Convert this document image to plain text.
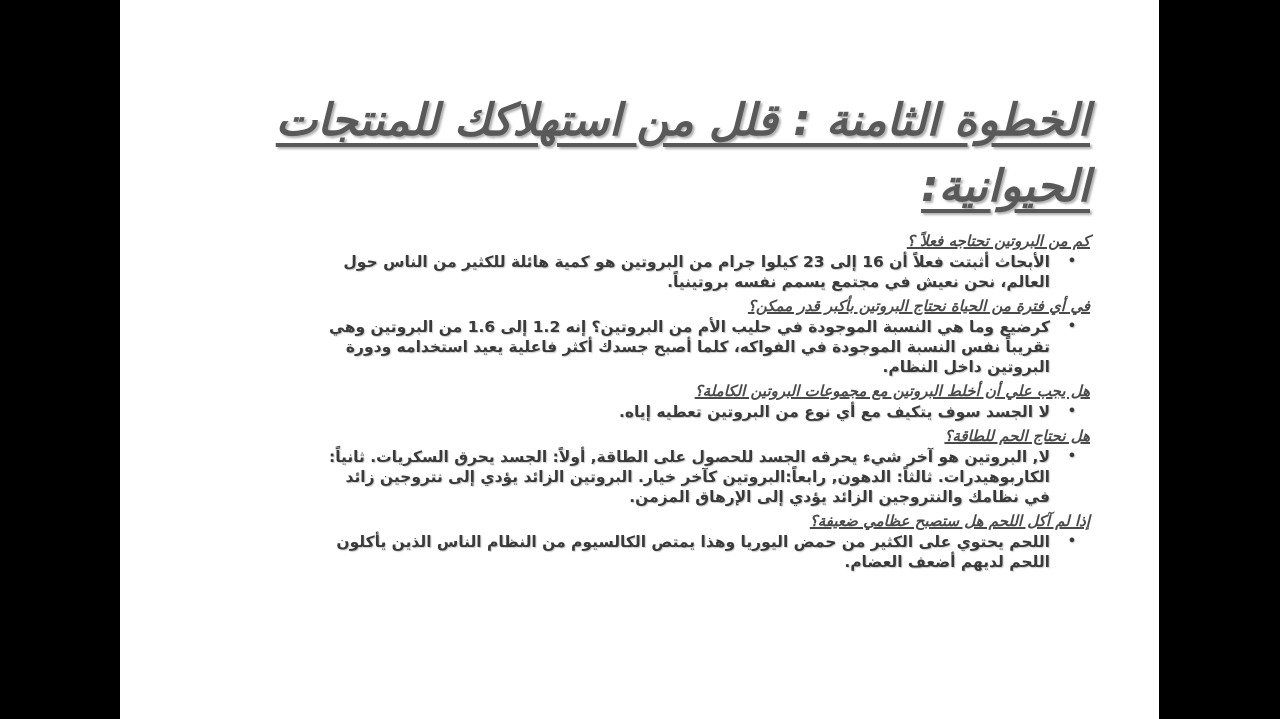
الخطوة الثامنة : قلل من استهلاكك للمنتجات
الحيوانية:
كم من البروتين تحتاجه فعلاً ؟
•
الأبحاث أثبتت فعلاً أن 16 إلى 23 كيلوا جرام من البروتين هو كمية هائلة للكثير من الناس حول العالم، نحن نعيش في مجتمع يسمم نفسه بروتينياً.
في أي فترة من الحياة نحتاج البروتين بأكبر قدر ممكن؟
•
كرضيع وما هي النسبة الموجودة في حليب الأم من البروتين؟ إنه 1.2 إلى 1.6 من البروتين وهي تقريباً نفس النسبة الموجودة في الفواكه، كلما أصبح جسدك أكثر فاعلية يعيد استخدامه ودورة البروتين داخل النظام.
هل يجب علي أن أخلط البروتين مع مجموعات البروتين الكاملة؟
•
لا الجسد سوف يتكيف مع أي نوع من البروتين تعطيه إياه.
هل نحتاج الحم للطاقة؟
•
لا, البروتين هو آخر شيء يحرقه الجسد للحصول على الطاقة, أولاً: الجسد يحرق السكريات. ثانياً: الكاربوهيدرات. ثالثاً: الدهون, رابعاً:البروتين كآخر خيار. البروتين الزائد يؤدي إلى نتروجين زائد في نظامك والنتروجين الزائد يؤدي إلى الإرهاق المزمن.
إذا لم آكل اللحم هل ستصبح عظامي ضعيفة؟
•
اللحم يحتوي على الكثير من حمض اليوريا وهذا يمتص الكالسيوم من النظام الناس الذين يأكلون اللحم لديهم أضعف العضام.
